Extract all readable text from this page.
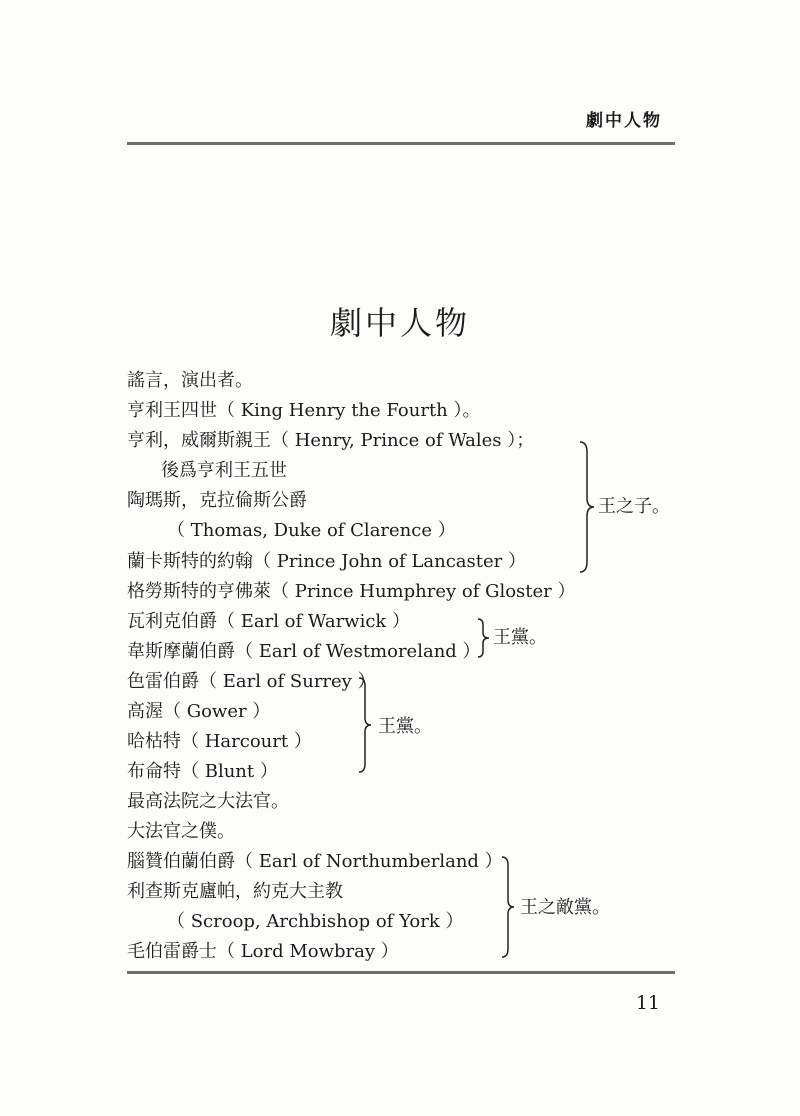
劇中人物
劇中人物
謠言，演出者。
亨利王四世（ King Henry the Fourth ）。
亨利，威爾斯親王（ Henry, Prince of Wales ）；
後爲亨利王五世
陶瑪斯，克拉倫斯公爵
（ Thomas, Duke of Clarence ）
蘭卡斯特的約翰（ Prince John of Lancaster ）
格勞斯特的亨佛萊（ Prince Humphrey of Gloster ）
瓦利克伯爵（ Earl of Warwick ）
韋斯摩蘭伯爵（ Earl of Westmoreland ）
色雷伯爵（ Earl of Surrey ）
高渥（ Gower ）
哈枯特（ Harcourt ）
布侖特（ Blunt ）
最高法院之大法官。
大法官之僕。
腦贊伯蘭伯爵（ Earl of Northumberland ）
利查斯克廬帕，約克大主教
（ Scroop, Archbishop of York ）
毛伯雷爵士（ Lord Mowbray ）
王之子。
王黨。
王黨。
王之敵黨。
11
